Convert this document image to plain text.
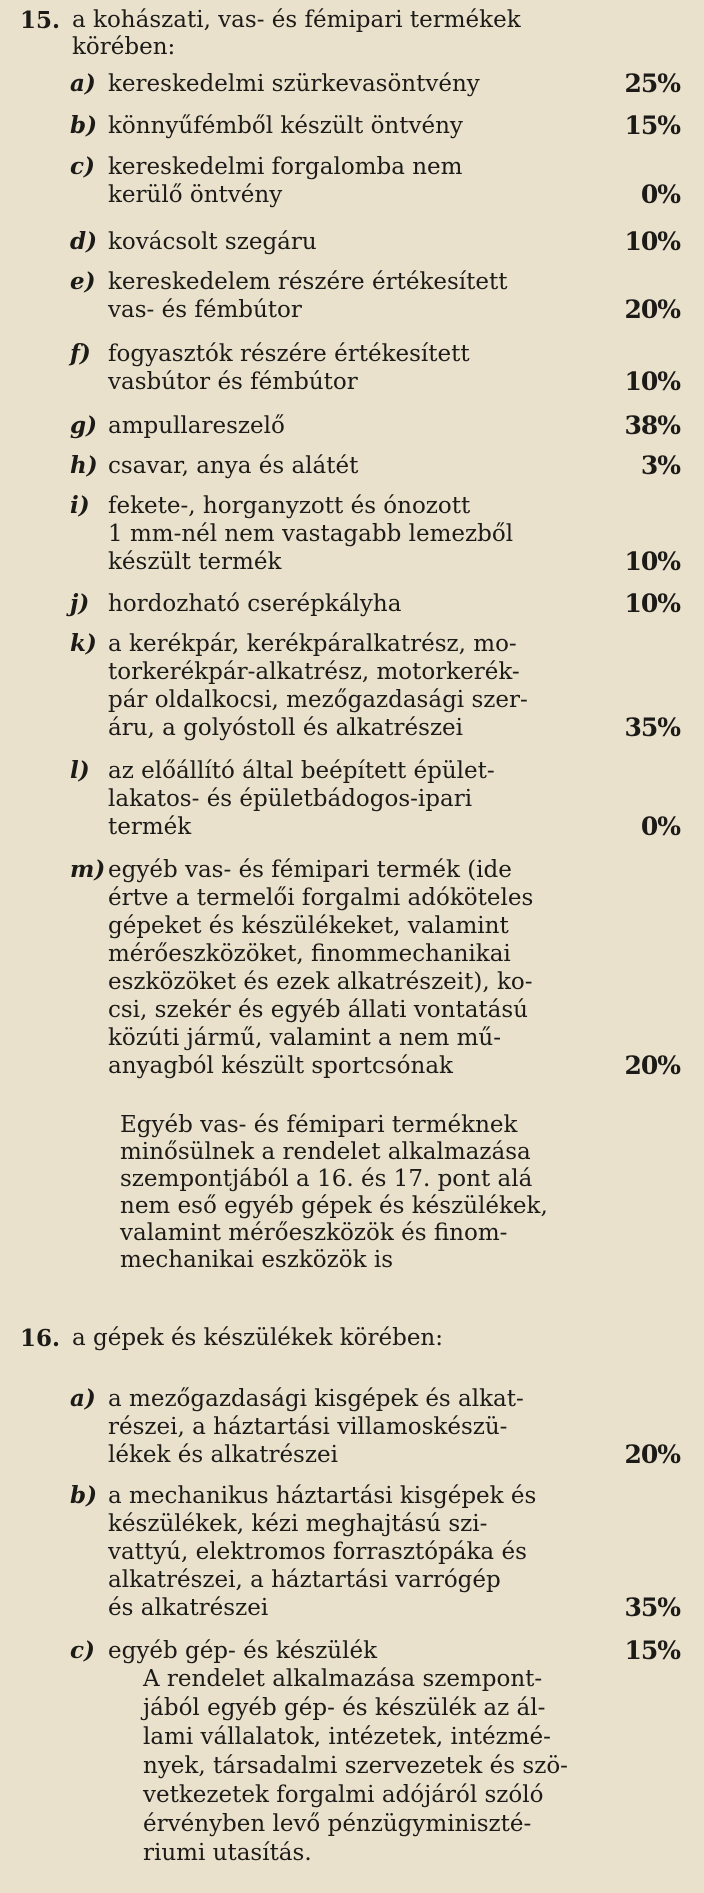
15. a kohászati, vas- és fémipari termékek
körében:
a) kereskedelmi szürkevasöntvény	25%
b) könnyűfémből készült öntvény	15%
c) kereskedelmi forgalomba nem
kerülő öntvény	0%
d) kovácsolt szegáru	10%
e) kereskedelem részére értékesített
vas- és fémbútor	20%
f) fogyasztók részére értékesített
vasbútor és fémbútor	10%
g) ampullareszelő	38%
h) csavar, anya és alátét	3%
i) fekete-, horganyzott és ónozott
1 mm-nél nem vastagabb lemezből
készült termék	10%
j) hordozható cserépkályha	10%
k) a kerékpár, kerékpáralkatrész, mo-
torkerékpár-alkatrész, motorkerék-
pár oldalkocsi, mezőgazdasági szer-
áru, a golyóstoll és alkatrészei	35%
l) az előállító által beépített épület-
lakatos- és épületbádogos-ipari
termék	0%
m) egyéb vas- és fémipari termék (ide
értve a termelői forgalmi adóköteles
gépeket és készülékeket, valamint
mérőeszközöket, finommechanikai
eszközöket és ezek alkatrészeit), ko-
csi, szekér és egyéb állati vontatású
közúti jármű, valamint a nem mű-
anyagból készült sportcsónak	20%
Egyéb vas- és fémipari terméknek
minősülnek a rendelet alkalmazása
szempontjából a 16. és 17. pont alá
nem eső egyéb gépek és készülékek,
valamint mérőeszközök és finom-
mechanikai eszközök is
16. a gépek és készülékek körében:
a) a mezőgazdasági kisgépek és alkat-
részei, a háztartási villamoskészü-
lékek és alkatrészei	20%
b) a mechanikus háztartási kisgépek és
készülékek, kézi meghajtású szi-
vattyú, elektromos forrasztópáka és
alkatrészei, a háztartási varrógép
és alkatrészei	35%
c) egyéb gép- és készülék	15%
A rendelet alkalmazása szempont-
jából egyéb gép- és készülék az ál-
lami vállalatok, intézetek, intézmé-
nyek, társadalmi szervezetek és szö-
vetkezetek forgalmi adójáról szóló
érvényben levő pénzügyminiszté-
riumi utasítás.
